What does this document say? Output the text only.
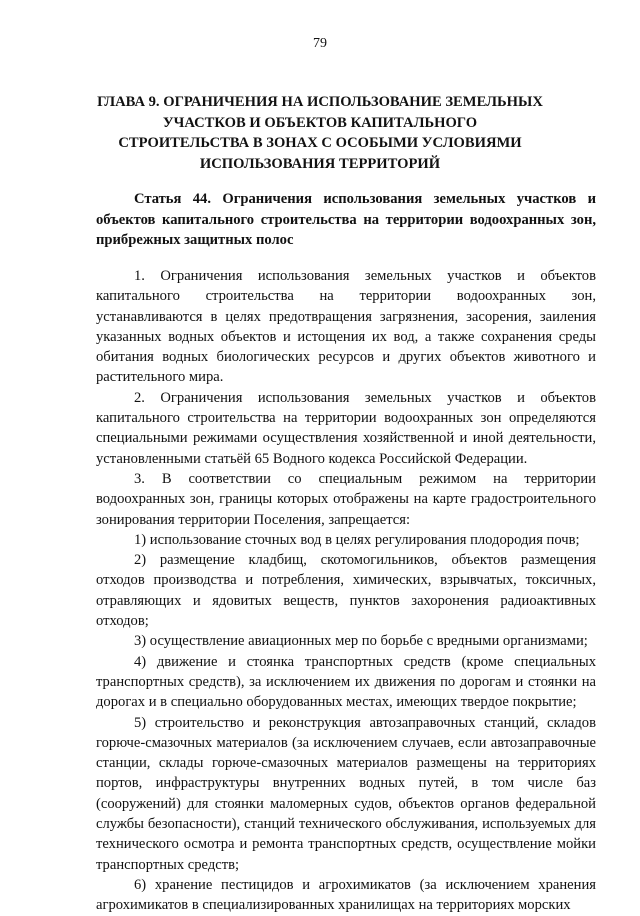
79
ГЛАВА 9. ОГРАНИЧЕНИЯ НА ИСПОЛЬЗОВАНИЕ ЗЕМЕЛЬНЫХ УЧАСТКОВ И ОБЪЕКТОВ КАПИТАЛЬНОГО СТРОИТЕЛЬСТВА В ЗОНАХ С ОСОБЫМИ УСЛОВИЯМИ ИСПОЛЬЗОВАНИЯ ТЕРРИТОРИЙ
Статья 44. Ограничения использования земельных участков и объектов капитального строительства на территории водоохранных зон, прибрежных защитных полос

1. Ограничения использования земельных участков и объектов капитального строительства на территории водоохранных зон, устанавливаются в целях предотвращения загрязнения, засорения, заиления указанных водных объектов и истощения их вод, а также сохранения среды обитания водных биологических ресурсов и других объектов животного и растительного мира.

2. Ограничения использования земельных участков и объектов капитального строительства на территории водоохранных зон определяются специальными режимами осуществления хозяйственной и иной деятельности, установленными статьёй 65 Водного кодекса Российской Федерации.

3. В соответствии со специальным режимом на территории водоохранных зон, границы которых отображены на карте градостроительного зонирования территории Поселения, запрещается:

1) использование сточных вод в целях регулирования плодородия почв;

2) размещение кладбищ, скотомогильников, объектов размещения отходов производства и потребления, химических, взрывчатых, токсичных, отравляющих и ядовитых веществ, пунктов захоронения радиоактивных отходов;

3) осуществление авиационных мер по борьбе с вредными организмами;

4) движение и стоянка транспортных средств (кроме специальных транспортных средств), за исключением их движения по дорогам и стоянки на дорогах и в специально оборудованных местах, имеющих твердое покрытие;

5) строительство и реконструкция автозаправочных станций, складов горюче-смазочных материалов (за исключением случаев, если автозаправочные станции, склады горюче-смазочных материалов размещены на территориях портов, инфраструктуры внутренних водных путей, в том числе баз (сооружений) для стоянки маломерных судов, объектов органов федеральной службы безопасности), станций технического обслуживания, используемых для технического осмотра и ремонта транспортных средств, осуществление мойки транспортных средств;

6) хранение пестицидов и агрохимикатов (за исключением хранения агрохимикатов в специализированных хранилищах на территориях морских
